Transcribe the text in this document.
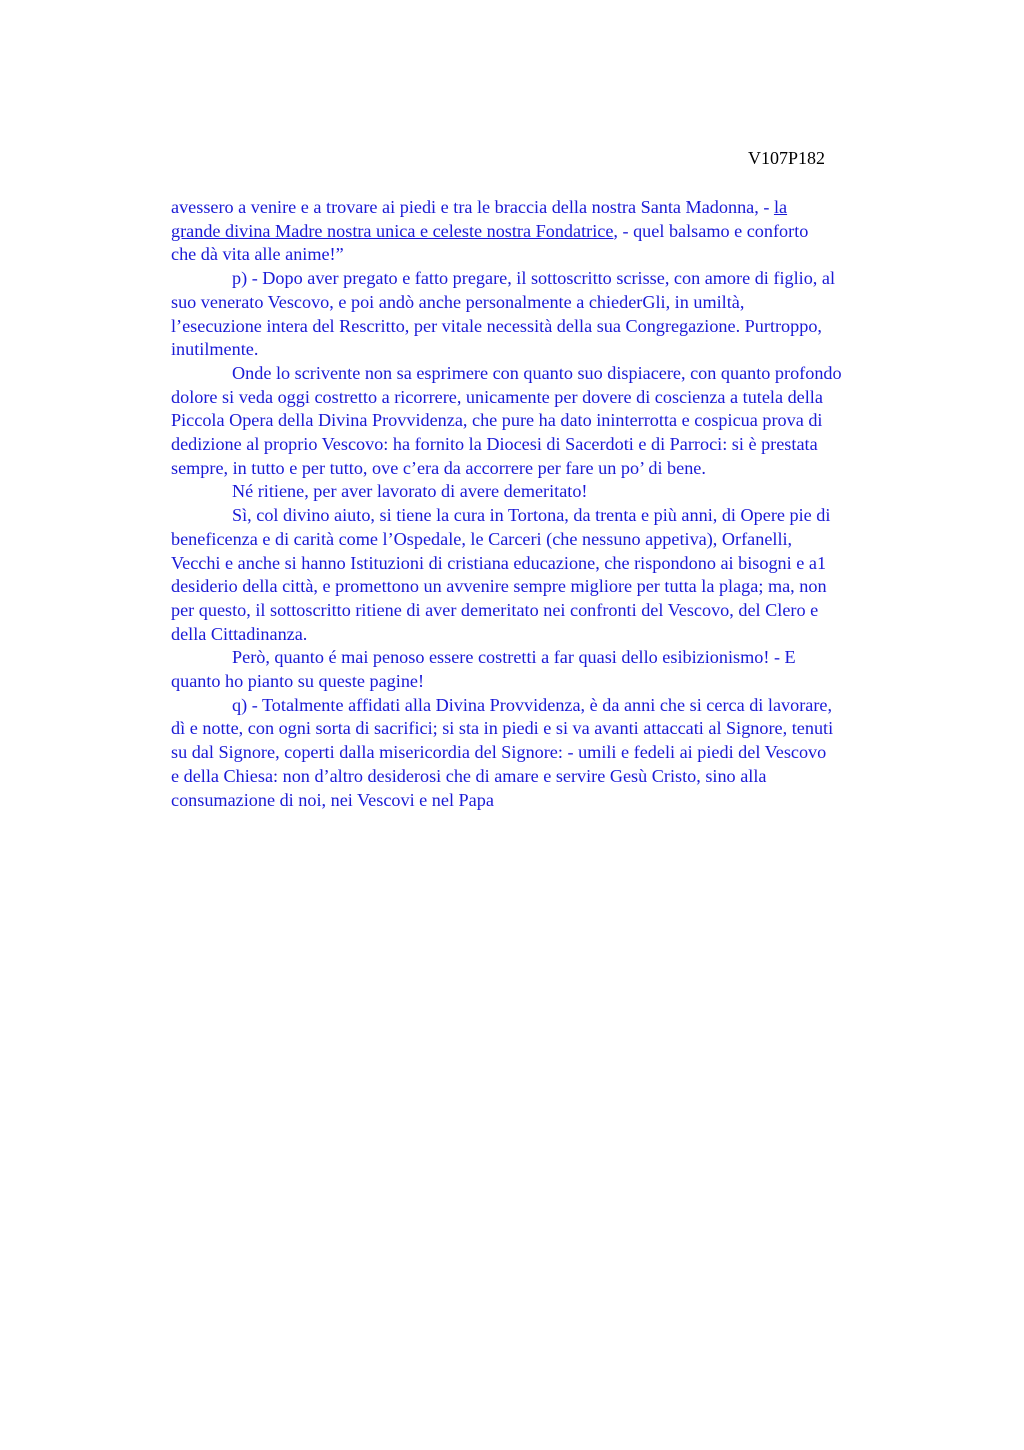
V107P182
avessero a venire e a trovare ai piedi e tra le braccia della nostra Santa Madonna, - la
grande divina Madre nostra unica e celeste nostra Fondatrice, - quel balsamo e conforto
che dà vita alle anime!”
p) - Dopo aver pregato e fatto pregare, il sottoscritto scrisse, con amore di figlio, al
suo venerato Vescovo, e poi andò anche personalmente a chiederGli, in umiltà,
l’esecuzione intera del Rescritto, per vitale necessità della sua Congregazione. Purtroppo,
inutilmente.
Onde lo scrivente non sa esprimere con quanto suo dispiacere, con quanto profondo
dolore si veda oggi costretto a ricorrere, unicamente per dovere di coscienza a tutela della
Piccola Opera della Divina Provvidenza, che pure ha dato ininterrotta e cospicua prova di
dedizione al proprio Vescovo: ha fornito la Diocesi di Sacerdoti e di Parroci: si è prestata
sempre, in tutto e per tutto, ove c’era da accorrere per fare un po’ di bene.
Né ritiene, per aver lavorato di avere demeritato!
Sì, col divino aiuto, si tiene la cura in Tortona, da trenta e più anni, di Opere pie di
beneficenza e di carità come l’Ospedale, le Carceri (che nessuno appetiva), Orfanelli,
Vecchi e anche si hanno Istituzioni di cristiana educazione, che rispondono ai bisogni e a1
desiderio della città, e promettono un avvenire sempre migliore per tutta la plaga; ma, non
per questo, il sottoscritto ritiene di aver demeritato nei confronti del Vescovo, del Clero e
della Cittadinanza.
Però, quanto é mai penoso essere costretti a far quasi dello esibizionismo! - E
quanto ho pianto su queste pagine!
q) - Totalmente affidati alla Divina Provvidenza, è da anni che si cerca di lavorare,
dì e notte, con ogni sorta di sacrifici; si sta in piedi e si va avanti attaccati al Signore, tenuti
su dal Signore, coperti dalla misericordia del Signore: - umili e fedeli ai piedi del Vescovo
e della Chiesa: non d’altro desiderosi che di amare e servire Gesù Cristo, sino alla
consumazione di noi, nei Vescovi e nel Papa
